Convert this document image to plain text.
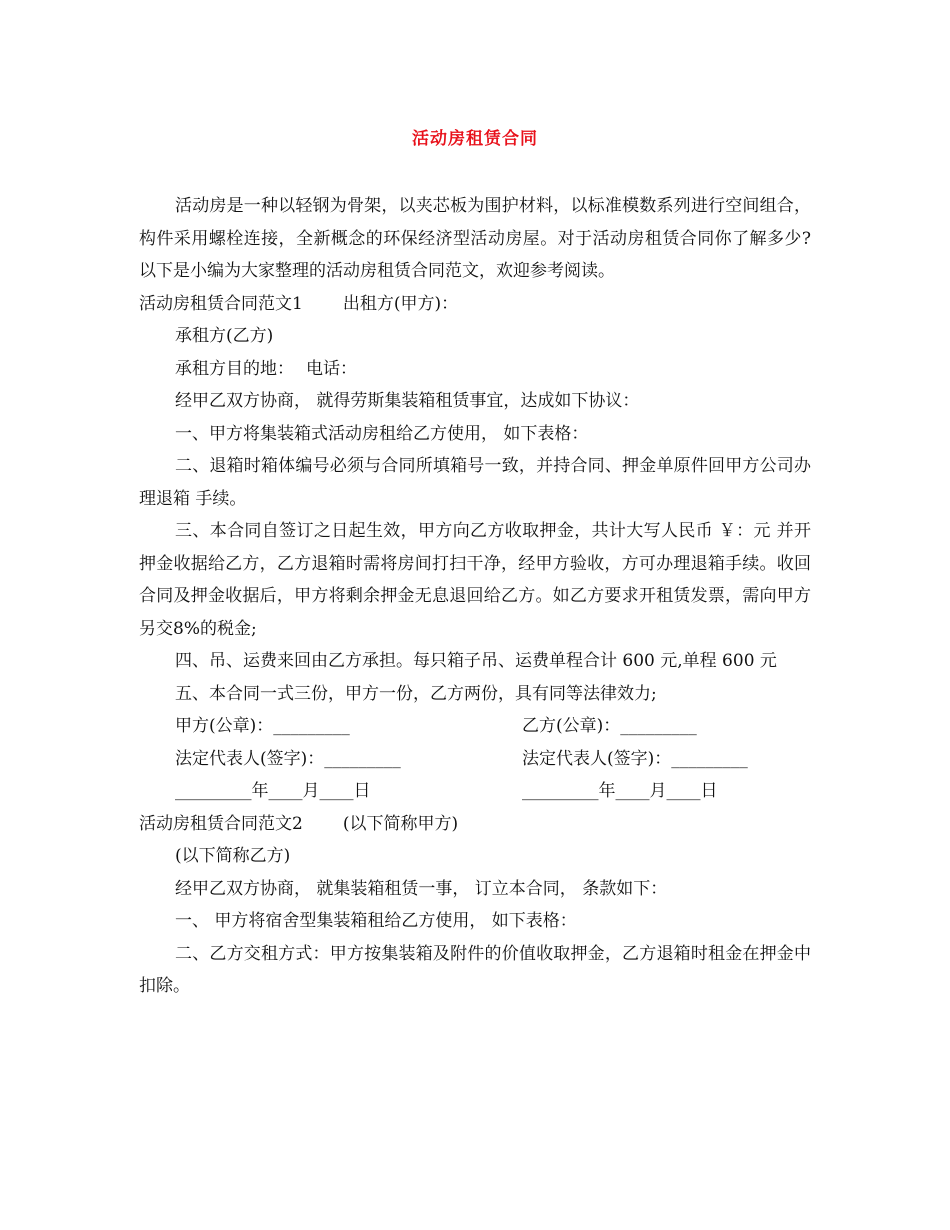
活动房租赁合同

活动房是一种以轻钢为骨架，以夹芯板为围护材料，以标准模数系列进行空间组合，构件采用螺栓连接，全新概念的环保经济型活动房屋。对于活动房租赁合同你了解多少?以下是小编为大家整理的活动房租赁合同范文，欢迎参考阅读。

活动房租赁合同范文1 出租方(甲方)：

承租方(乙方)

承租方目的地： 电话：

经甲乙双方协商， 就得劳斯集装箱租赁事宜，达成如下协议：

一、甲方将集装箱式活动房租给乙方使用， 如下表格：

二、退箱时箱体编号必须与合同所填箱号一致，并持合同、押金单原件回甲方公司办理退箱 手续。

三、本合同自签订之日起生效，甲方向乙方收取押金，共计大写人民币 ￥：元 并开押金收据给乙方，乙方退箱时需将房间打扫干净，经甲方验收，方可办理退箱手续。收回合同及押金收据后，甲方将剩余押金无息退回给乙方。如乙方要求开租赁发票，需向甲方另交8%的税金;

四、吊、运费来回由乙方承担。每只箱子吊、运费单程合计 600 元,单程 600 元

五、本合同一式三份，甲方一份，乙方两份，具有同等法律效力;

甲方(公章)：_________	乙方(公章)：_________
法定代表人(签字)：_________	法定代表人(签字)：_________
_________年____月____日	_________年____月____日

活动房租赁合同范文2 (以下简称甲方)

(以下简称乙方)

经甲乙双方协商， 就集装箱租赁一事， 订立本合同， 条款如下：

一、 甲方将宿舍型集装箱租给乙方使用， 如下表格：

二、乙方交租方式：甲方按集装箱及附件的价值收取押金，乙方退箱时租金在押金中扣除。
